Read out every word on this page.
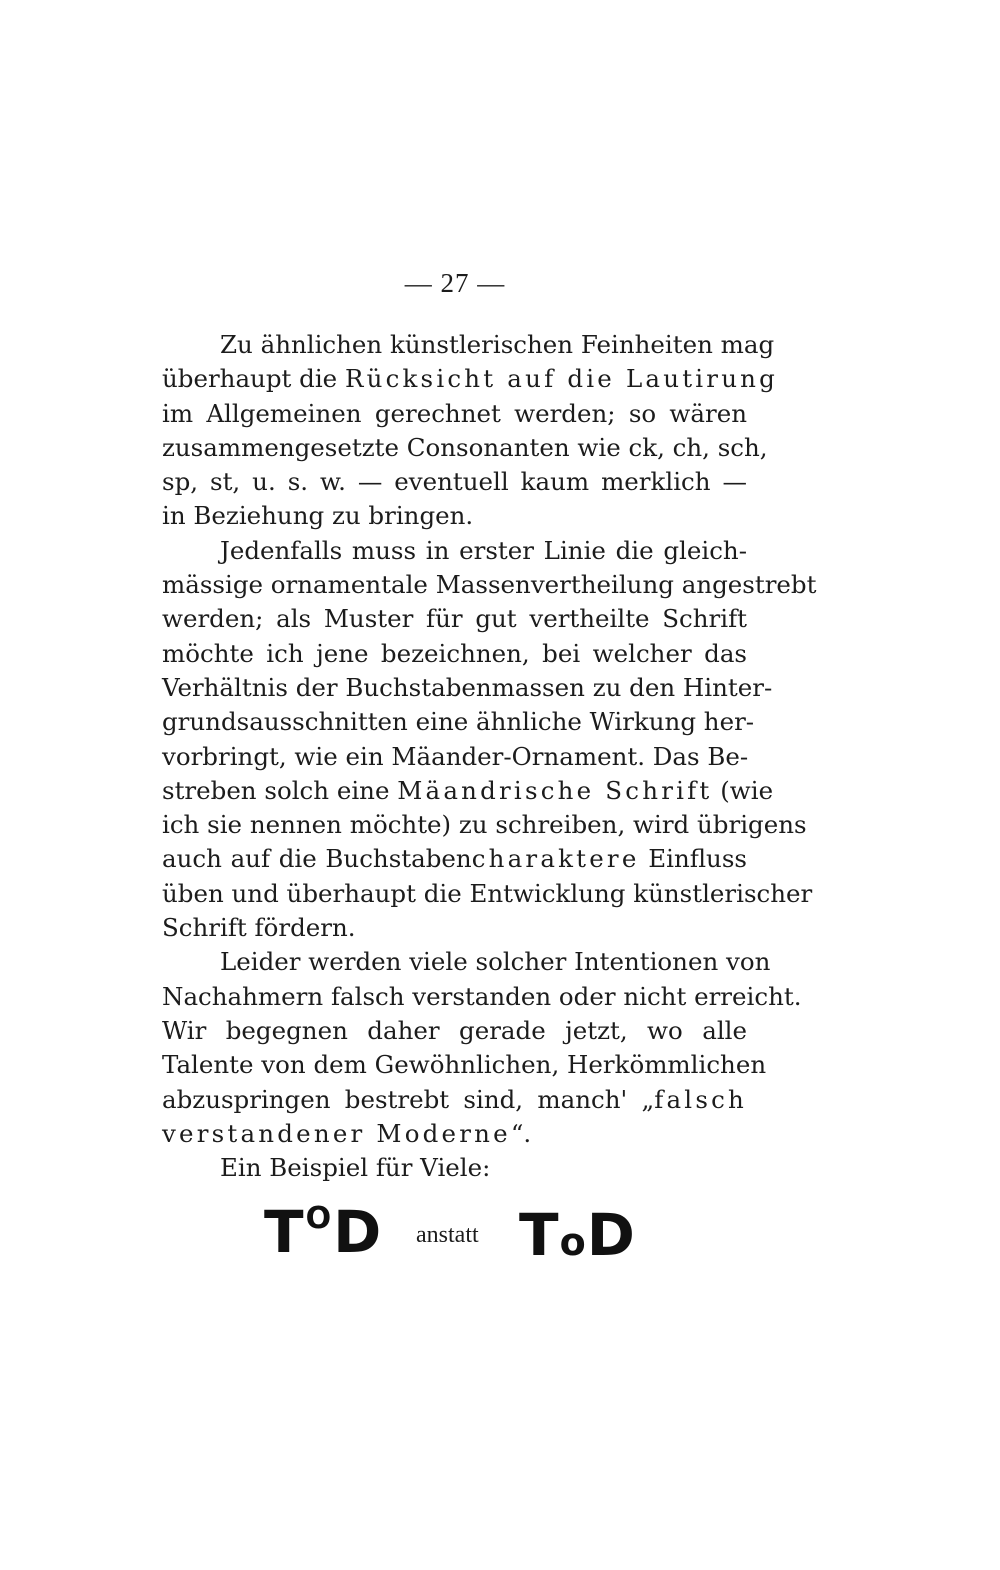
— 27 —
Zu ähnlichen künstlerischen Feinheiten mag
überhaupt die Rücksicht auf die Lautirung
im Allgemeinen gerechnet werden; so wären
zusammengesetzte Consonanten wie ck, ch, sch,
sp, st, u. s. w. — eventuell kaum merklich —
in Beziehung zu bringen.
Jedenfalls muss in erster Linie die gleich-
mässige ornamentale Massenvertheilung angestrebt
werden; als Muster für gut vertheilte Schrift
möchte ich jene bezeichnen, bei welcher das
Verhältnis der Buchstabenmassen zu den Hinter-
grundsausschnitten eine ähnliche Wirkung her-
vorbringt, wie ein Mäander-Ornament. Das Be-
streben solch eine Mäandrische Schrift (wie
ich sie nennen möchte) zu schreiben, wird übrigens
auch auf die Buchstabencharaktere Einfluss
üben und überhaupt die Entwicklung künstlerischer
Schrift fördern.
Leider werden viele solcher Intentionen von
Nachahmern falsch verstanden oder nicht erreicht.
Wir begegnen daher gerade jetzt, wo alle
Talente von dem Gewöhnlichen, Herkömmlichen
abzuspringen bestrebt sind, manch' „falsch
verstandener Moderne“.
Ein Beispiel für Viele:
$T^OD$ anstatt ToD
